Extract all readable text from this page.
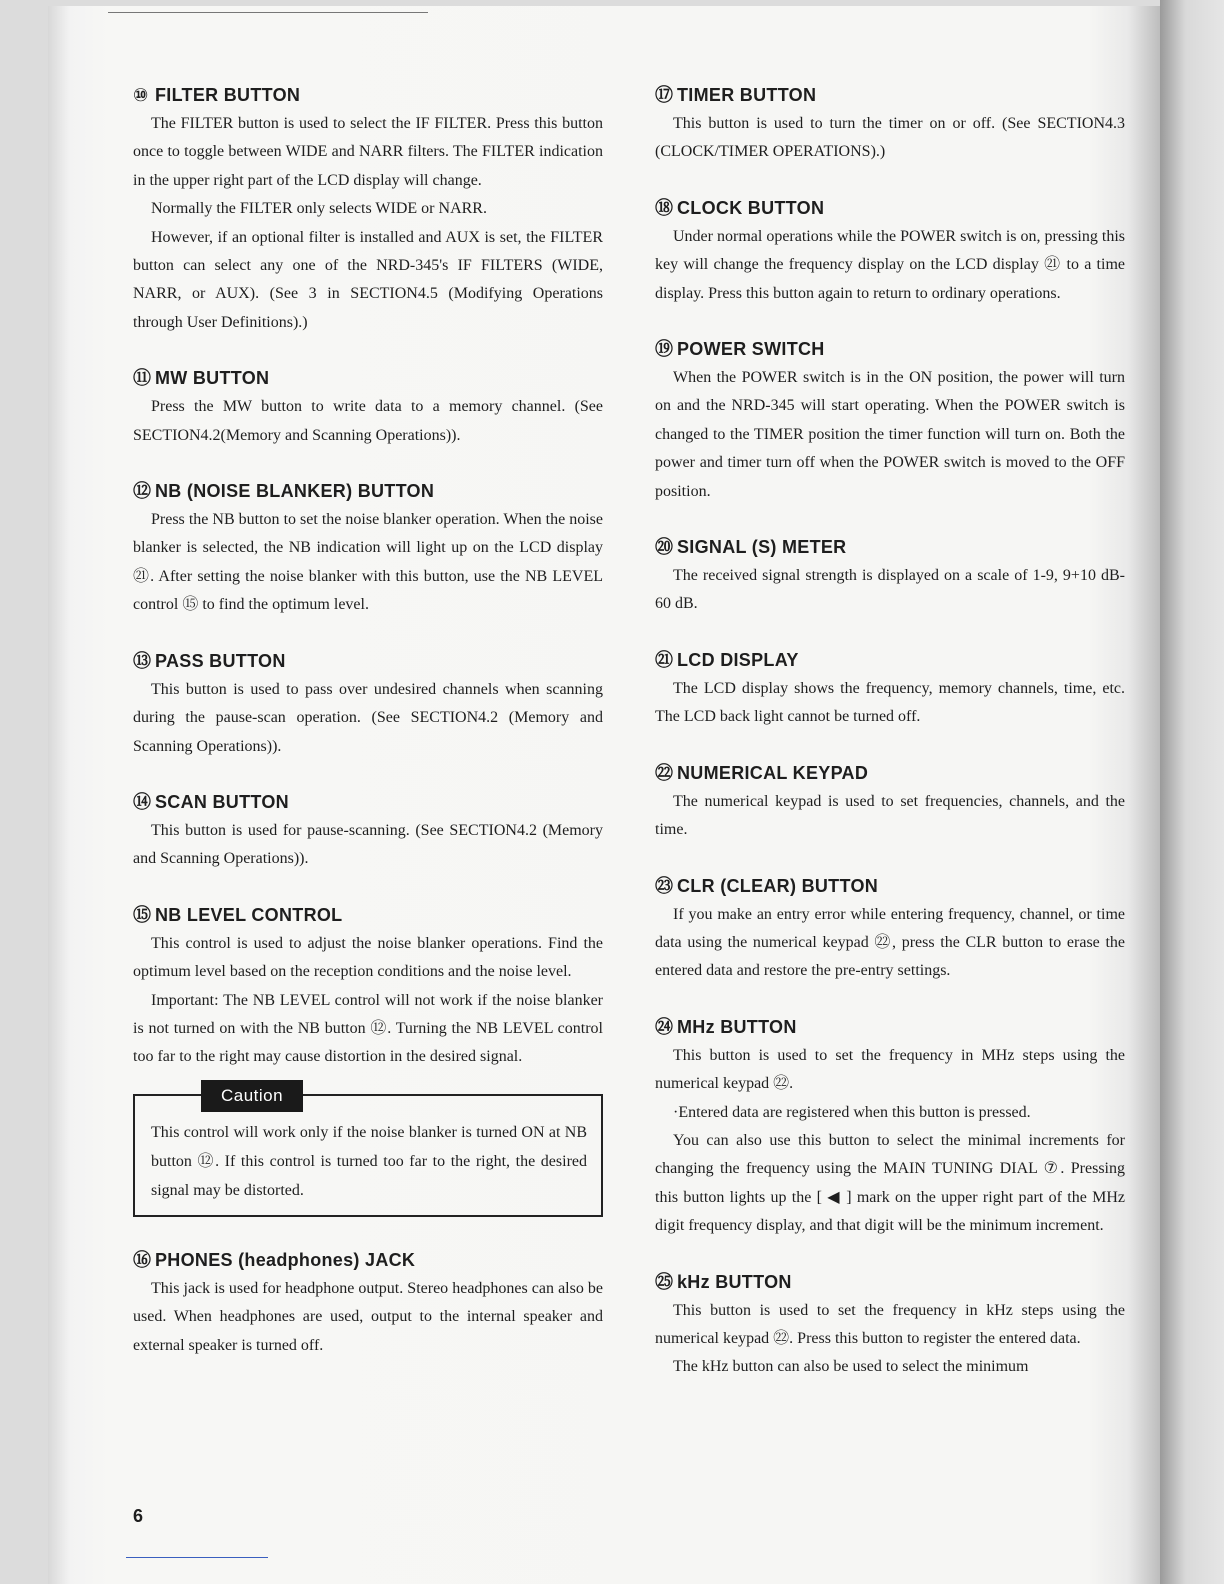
⑩ FILTER BUTTON

The FILTER button is used to select the IF FILTER. Press this button once to toggle between WIDE and NARR filters. The FILTER indication in the upper right part of the LCD display will change.

Normally the FILTER only selects WIDE or NARR.

However, if an optional filter is installed and AUX is set, the FILTER button can select any one of the NRD-345's IF FILTERS (WIDE, NARR, or AUX). (See 3 in SECTION4.5 (Modifying Operations through User Definitions).)

⑪ MW BUTTON

Press the MW button to write data to a memory channel. (See SECTION4.2(Memory and Scanning Operations)).

⑫ NB (NOISE BLANKER) BUTTON

Press the NB button to set the noise blanker operation. When the noise blanker is selected, the NB indication will light up on the LCD display ㉑. After setting the noise blanker with this button, use the NB LEVEL control ⑮ to find the optimum level.

⑬ PASS BUTTON

This button is used to pass over undesired channels when scanning during the pause-scan operation. (See SECTION4.2 (Memory and Scanning Operations)).

⑭ SCAN BUTTON

This button is used for pause-scanning. (See SECTION4.2 (Memory and Scanning Operations)).

⑮ NB LEVEL CONTROL

This control is used to adjust the noise blanker operations. Find the optimum level based on the reception conditions and the noise level.

Important: The NB LEVEL control will not work if the noise blanker is not turned on with the NB button ⑫. Turning the NB LEVEL control too far to the right may cause distortion in the desired signal.

Caution

This control will work only if the noise blanker is turned ON at NB button ⑫. If this control is turned too far to the right, the desired signal may be distorted.

⑯ PHONES (headphones) JACK

This jack is used for headphone output. Stereo headphones can also be used. When headphones are used, output to the internal speaker and external speaker is turned off.

⑰ TIMER BUTTON

This button is used to turn the timer on or off. (See SECTION4.3 (CLOCK/TIMER OPERATIONS).)

⑱ CLOCK BUTTON

Under normal operations while the POWER switch is on, pressing this key will change the frequency display on the LCD display ㉑ to a time display. Press this button again to return to ordinary operations.

⑲ POWER SWITCH

When the POWER switch is in the ON position, the power will turn on and the NRD-345 will start operating. When the POWER switch is changed to the TIMER position the timer function will turn on. Both the power and timer turn off when the POWER switch is moved to the OFF position.

⑳ SIGNAL (S) METER

The received signal strength is displayed on a scale of 1-9, 9+10 dB-60 dB.

㉑ LCD DISPLAY

The LCD display shows the frequency, memory channels, time, etc. The LCD back light cannot be turned off.

㉒ NUMERICAL KEYPAD

The numerical keypad is used to set frequencies, channels, and the time.

㉓ CLR (CLEAR) BUTTON

If you make an entry error while entering frequency, channel, or time data using the numerical keypad ㉒, press the CLR button to erase the entered data and restore the pre-entry settings.

㉔ MHz BUTTON

This button is used to set the frequency in MHz steps using the numerical keypad ㉒.

·Entered data are registered when this button is pressed.

You can also use this button to select the minimal increments for changing the frequency using the MAIN TUNING DIAL ⑦. Pressing this button lights up the [ ◀ ] mark on the upper right part of the MHz digit frequency display, and that digit will be the minimum increment.

㉕ kHz BUTTON

This button is used to set the frequency in kHz steps using the numerical keypad ㉒. Press this button to register the entered data.

The kHz button can also be used to select the minimum

6
